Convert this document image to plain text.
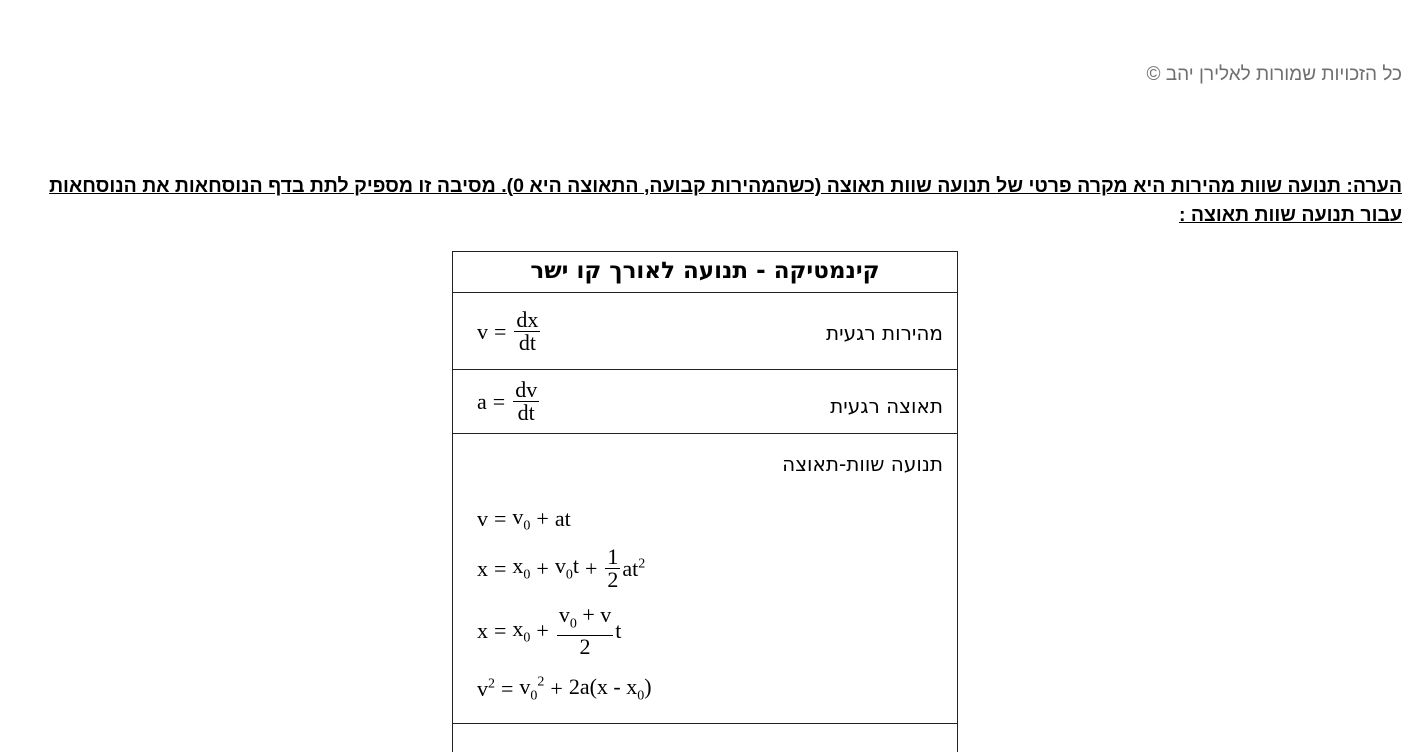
כל הזכויות שמורות לאלירן יהב ©
הערה: תנועה שוות מהירות היא מקרה פרטי של תנועה שוות תאוצה (כשהמהירות קבועה, התאוצה היא 0). מסיבה זו מספיק לתת בדף הנוסחאות את הנוסחאות עבור תנועה שוות תאוצה :
קינמטיקה - תנועה לאורך קו ישר
מהירות רגעית
$v = \frac{dx}{dt}$
תאוצה רגעית
$a = \frac{dv}{dt}$
תנועה שוות-תאוצה
$v = v_0$ + at
$x = x_0 + v_0t + \frac{1}{2} at^2$
$x = x_0 + \frac{v_0 + v}{2}$ t
$v^2 = v_0^2 + 2a(x - x_0)$
